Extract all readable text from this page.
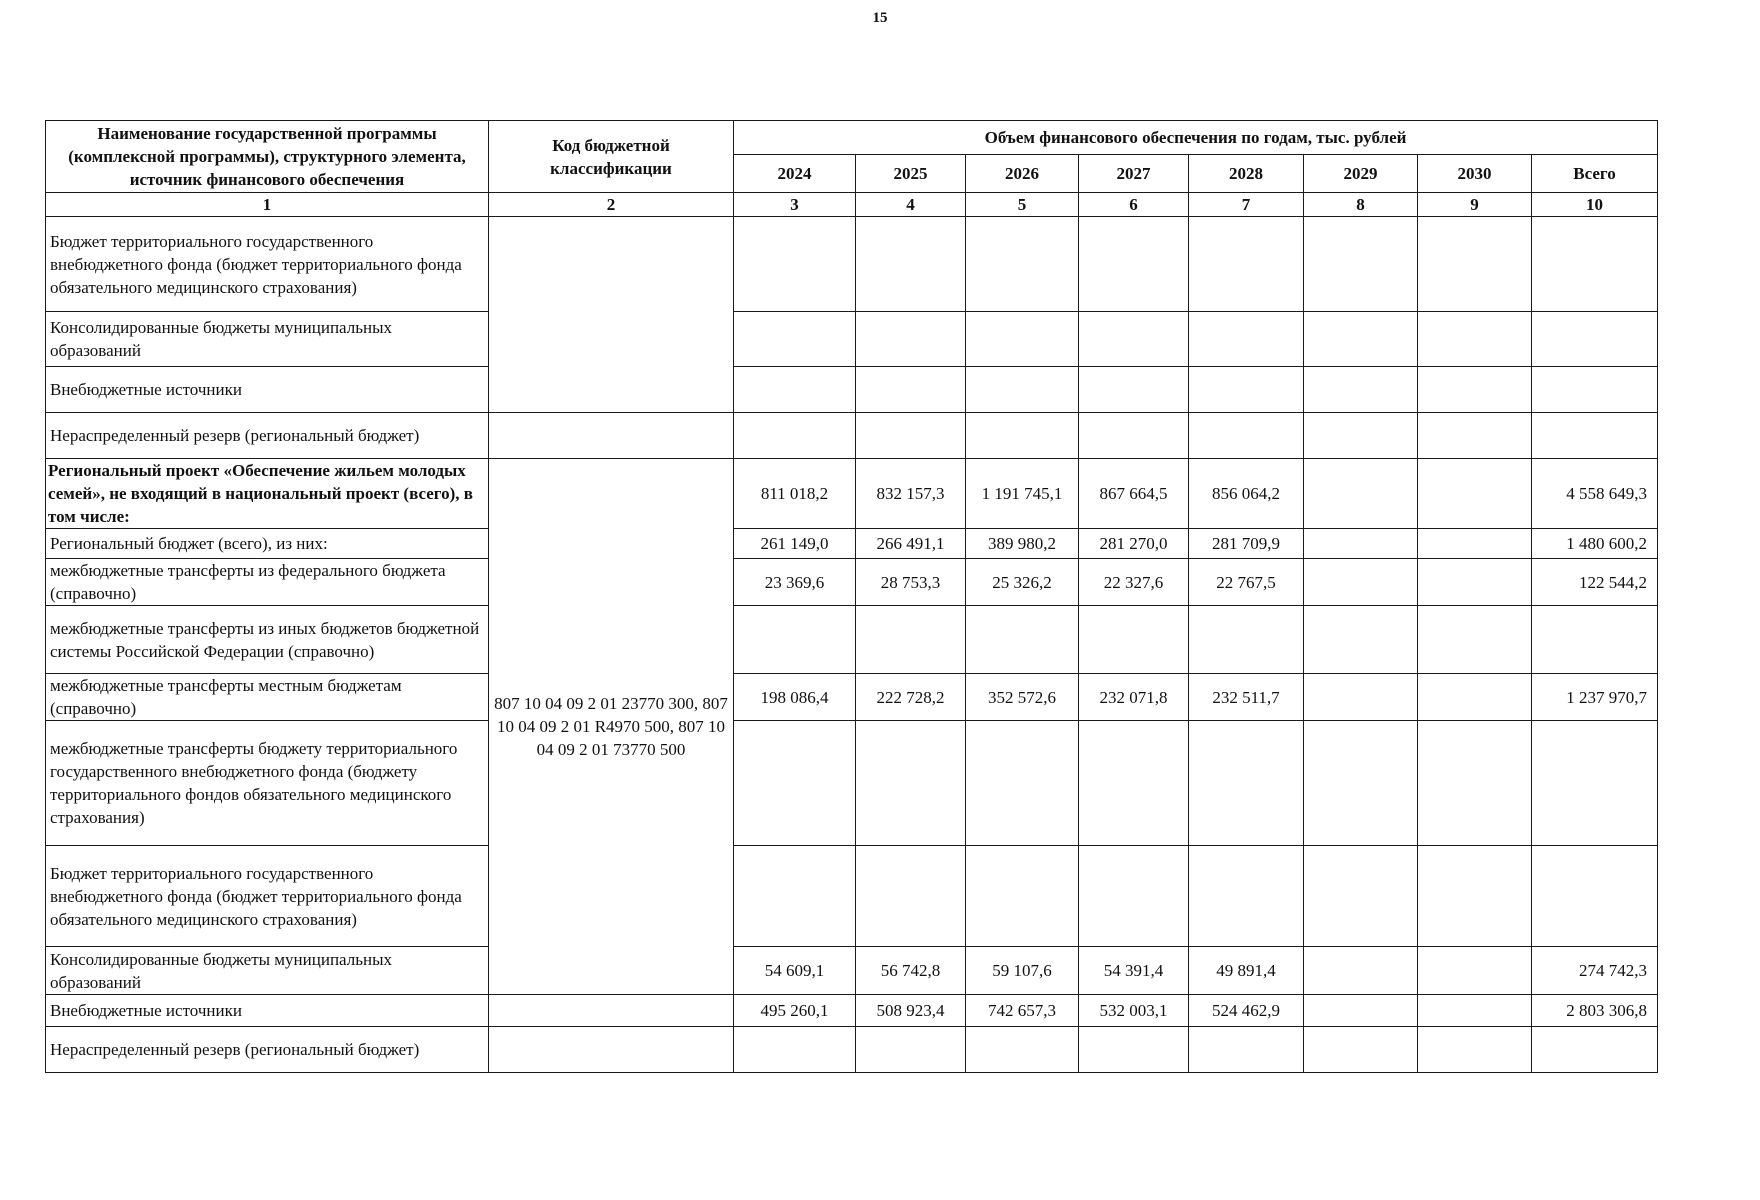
15
Наименование государственной программы (комплексной программы), структурного элемента, источник финансового обеспечения	Код бюджетной классификации	Объем финансового обеспечения по годам, тыс. рублей							
		2024	2025	2026	2027	2028	2029	2030	Всего
1	2	3	4	5	6	7	8	9	10
Бюджет территориального государственного внебюджетного фонда (бюджет территориального фонда обязательного медицинского страхования)									
Консолидированные бюджеты муниципальных образований									
Внебюджетные источники									
Нераспределенный резерв (региональный бюджет)									
Региональный проект «Обеспечение жильем молодых семей», не входящий в национальный проект (всего), в том числе:	807 10 04 09 2 01 23770 300, 807 10 04 09 2 01 R4970 500, 807 10 04 09 2 01 73770 500	811 018,2	832 157,3	1 191 745,1	867 664,5	856 064,2			4 558 649,3
Региональный бюджет (всего), из них:		261 149,0	266 491,1	389 980,2	281 270,0	281 709,9			1 480 600,2
межбюджетные трансферты из федерального бюджета (справочно)		23 369,6	28 753,3	25 326,2	22 327,6	22 767,5			122 544,2
межбюджетные трансферты из иных бюджетов бюджетной системы Российской Федерации (справочно)									
межбюджетные трансферты местным бюджетам (справочно)		198 086,4	222 728,2	352 572,6	232 071,8	232 511,7			1 237 970,7
межбюджетные трансферты бюджету территориального государственного внебюджетного фонда (бюджету территориального фондов обязательного медицинского страхования)									
Бюджет территориального государственного внебюджетного фонда (бюджет территориального фонда обязательного медицинского страхования)									
Консолидированные бюджеты муниципальных образований		54 609,1	56 742,8	59 107,6	54 391,4	49 891,4			274 742,3
Внебюджетные источники		495 260,1	508 923,4	742 657,3	532 003,1	524 462,9			2 803 306,8
Нераспределенный резерв (региональный бюджет)									
